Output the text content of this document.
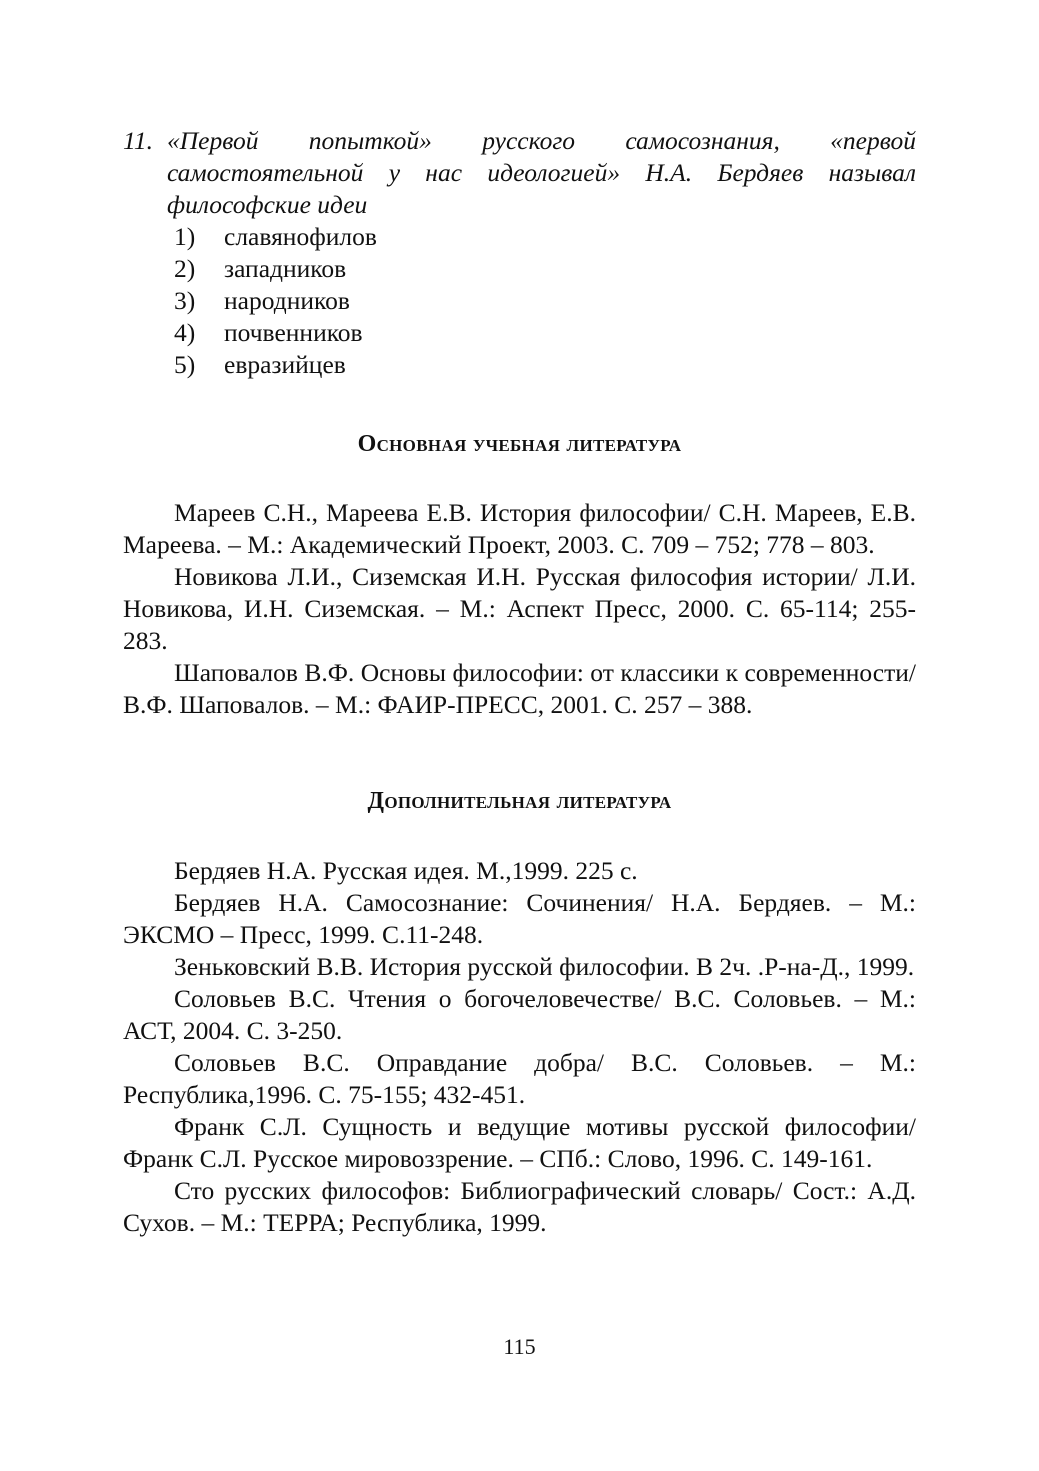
11. «Первой попыткой» русского самосознания, «первой самостоятельной у нас идеологией» Н.А. Бердяев называл философские идеи
1)	славянофилов
2)	западников
3)	народников
4)	почвенников
5)	евразийцев
Основная учебная литература

Мареев С.Н., Мареева Е.В. История философии/ С.Н. Мареев, Е.В. Мареева. – М.: Академический Проект, 2003. С. 709 – 752; 778 – 803.

Новикова Л.И., Сиземская И.Н. Русская философия истории/ Л.И. Новикова, И.Н. Сиземская. – М.: Аспект Пресс, 2000. С. 65-114; 255-283.

Шаповалов В.Ф. Основы философии: от классики к современности/ В.Ф. Шаповалов. – М.: ФАИР-ПРЕСС, 2001. С. 257 – 388.

Дополнительная литература

Бердяев Н.А. Русская идея. М.,1999. 225 с.

Бердяев Н.А. Самосознание: Сочинения/ Н.А. Бердяев. – М.: ЭКСМО – Пресс, 1999. С.11-248.

Зеньковский В.В. История русской философии. В 2ч. .Р-на-Д., 1999.

Соловьев В.С. Чтения о богочеловечестве/ В.С. Соловьев. – М.: АСТ, 2004. С. 3-250.

Соловьев В.С. Оправдание добра/ В.С. Соловьев. – М.: Республика,1996. С. 75-155; 432-451.

Франк С.Л. Сущность и ведущие мотивы русской философии/ Франк С.Л. Русское мировоззрение. – СПб.: Слово, 1996. С. 149-161.

Сто русских философов: Библиографический словарь/ Сост.: А.Д. Сухов. – М.: ТЕРРА; Республика, 1999.

115
